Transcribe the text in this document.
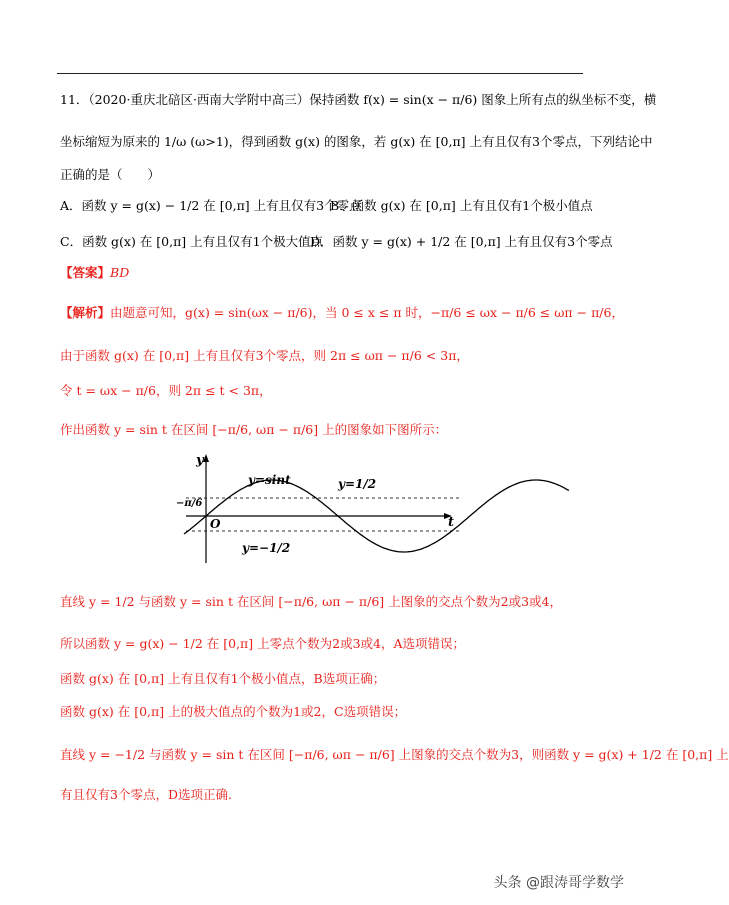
11．（2020·重庆北碚区·西南大学附中高三）保持函数 f(x) = sin(x − π/6) 图象上所有点的纵坐标不变，横
坐标缩短为原来的 1/ω (ω>1)，得到函数 g(x) 的图象，若 g(x) 在 [0,π] 上有且仅有3个零点，下列结论中
正确的是（　　）
A．函数 y = g(x) − 1/2 在 [0,π] 上有且仅有3个零点
B．函数 g(x) 在 [0,π] 上有且仅有1个极小值点
C．函数 g(x) 在 [0,π] 上有且仅有1个极大值点
D．函数 y = g(x) + 1/2 在 [0,π] 上有且仅有3个零点
【答案】BD
【解析】由题意可知，g(x) = sin(ωx − π/6)，当 0 ≤ x ≤ π 时，−π/6 ≤ ωx − π/6 ≤ ωπ − π/6，
由于函数 g(x) 在 [0,π] 上有且仅有3个零点，则 2π ≤ ωπ − π/6 < 3π，
令 t = ωx − π/6，则 2π ≤ t < 3π，
作出函数 y = sin t 在区间 [−π/6, ωπ − π/6] 上的图象如下图所示：
y
t
O
y=sint	y=1/2
y=−1/2
−π/6
直线 y = 1/2 与函数 y = sin t 在区间 [−π/6, ωπ − π/6] 上图象的交点个数为2或3或4，
所以函数 y = g(x) − 1/2 在 [0,π] 上零点个数为2或3或4，A选项错误；
函数 g(x) 在 [0,π] 上有且仅有1个极小值点，B选项正确；
函数 g(x) 在 [0,π] 上的极大值点的个数为1或2，C选项错误；
直线 y = −1/2 与函数 y = sin t 在区间 [−π/6, ωπ − π/6] 上图象的交点个数为3，则函数 y = g(x) + 1/2 在 [0,π] 上
有且仅有3个零点，D选项正确.
头条 @跟涛哥学数学
